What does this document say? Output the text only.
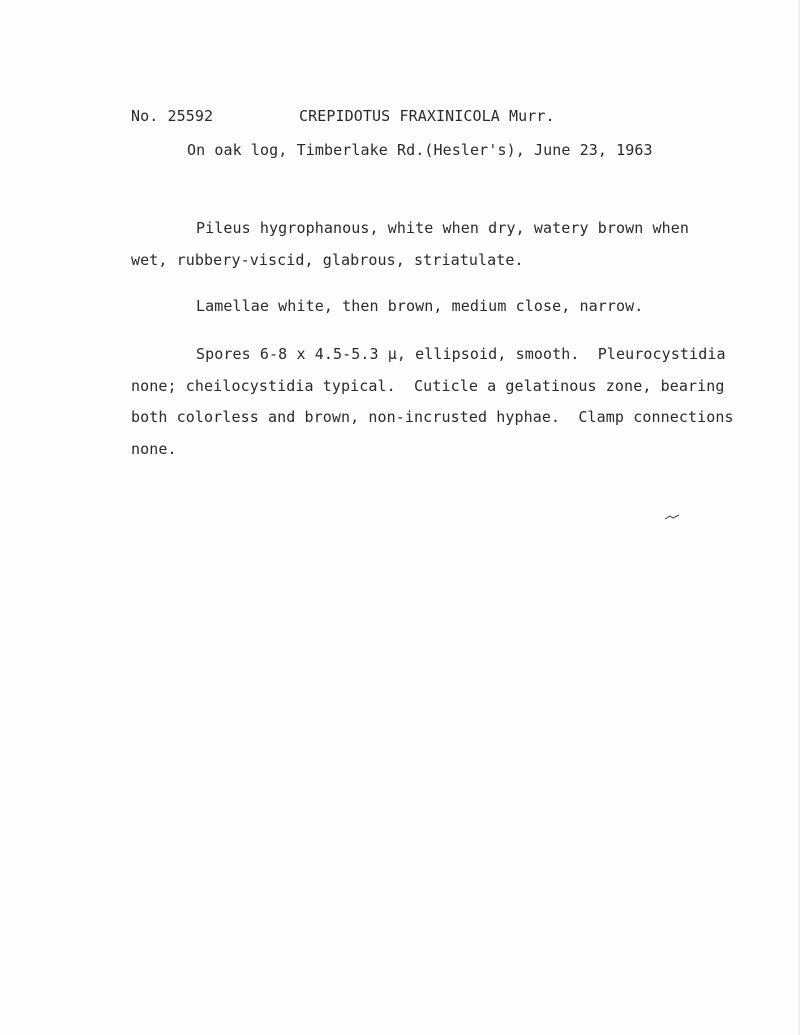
No. 25592	CREPIDOTUS FRAXINICOLA Murr.
On oak log, Timberlake Rd.(Hesler's), June 23, 1963
Pileus hygrophanous, white when dry, watery brown when
wet, rubbery-viscid, glabrous, striatulate.
Lamellae white, then brown, medium close, narrow.
Spores 6-8 x 4.5-5.3 µ, ellipsoid, smooth.  Pleurocystidia
none; cheilocystidia typical.  Cuticle a gelatinous zone, bearing
both colorless and brown, non-incrusted hyphae.  Clamp connections
none.
